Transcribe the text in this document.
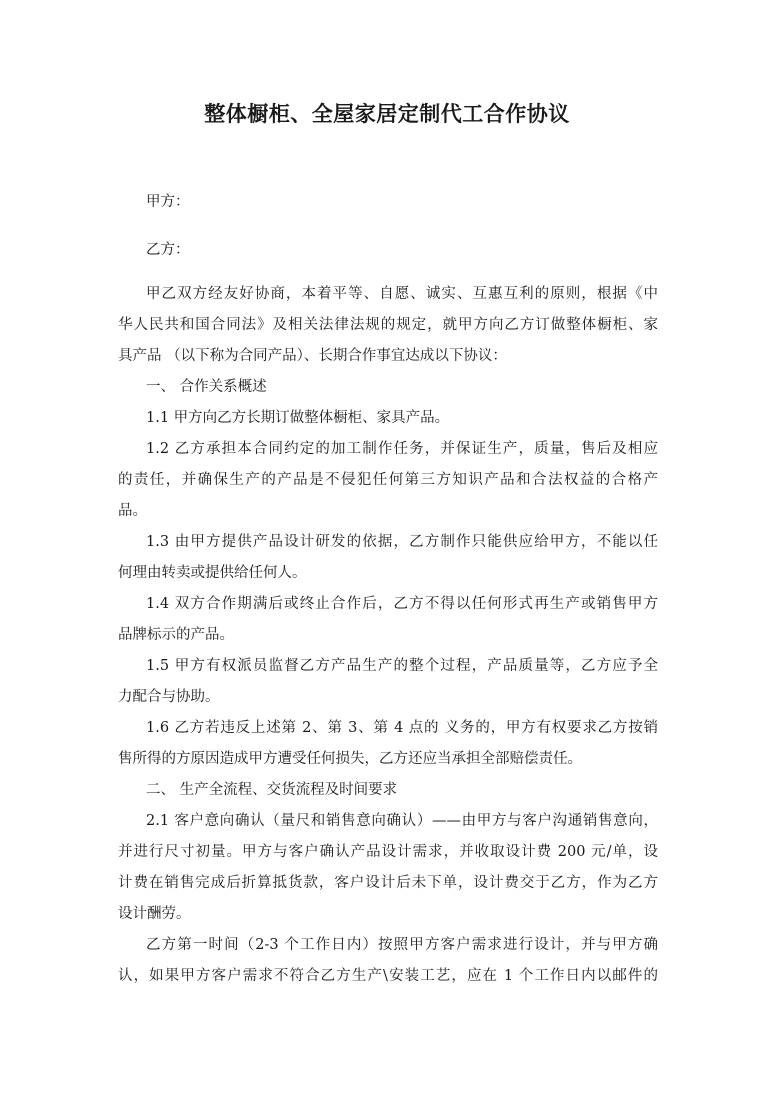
整体橱柜、全屋家居定制代工合作协议

甲方：

乙方：

甲乙双方经友好协商，本着平等、自愿、诚实、互惠互利的原则，根据《中

华人民共和国合同法》及相关法律法规的规定，就甲方向乙方订做整体橱柜、家

具产品 （以下称为合同产品）、长期合作事宜达成以下协议：

一、 合作关系概述

1.1 甲方向乙方长期订做整体橱柜、家具产品。

1.2 乙方承担本合同约定的加工制作任务，并保证生产，质量，售后及相应

的责任，并确保生产的产品是不侵犯任何第三方知识产品和合法权益的合格产

品。

1.3 由甲方提供产品设计研发的依据，乙方制作只能供应给甲方，不能以任

何理由转卖或提供给任何人。

1.4 双方合作期满后或终止合作后，乙方不得以任何形式再生产或销售甲方

品牌标示的产品。

1.5 甲方有权派员监督乙方产品生产的整个过程，产品质量等，乙方应予全

力配合与协助。

1.6 乙方若违反上述第 2、第 3、第 4 点的 义务的，甲方有权要求乙方按销

售所得的方原因造成甲方遭受任何损失，乙方还应当承担全部赔偿责任。

二、 生产全流程、交货流程及时间要求

2.1 客户意向确认（量尺和销售意向确认）——由甲方与客户沟通销售意向，

并进行尺寸初量。甲方与客户确认产品设计需求，并收取设计费 200 元/单，设

计费在销售完成后折算抵货款，客户设计后未下单，设计费交于乙方，作为乙方

设计酬劳。

乙方第一时间（2-3 个工作日内）按照甲方客户需求进行设计，并与甲方确

认，如果甲方客户需求不符合乙方生产\安装工艺，应在 1 个工作日内以邮件的
